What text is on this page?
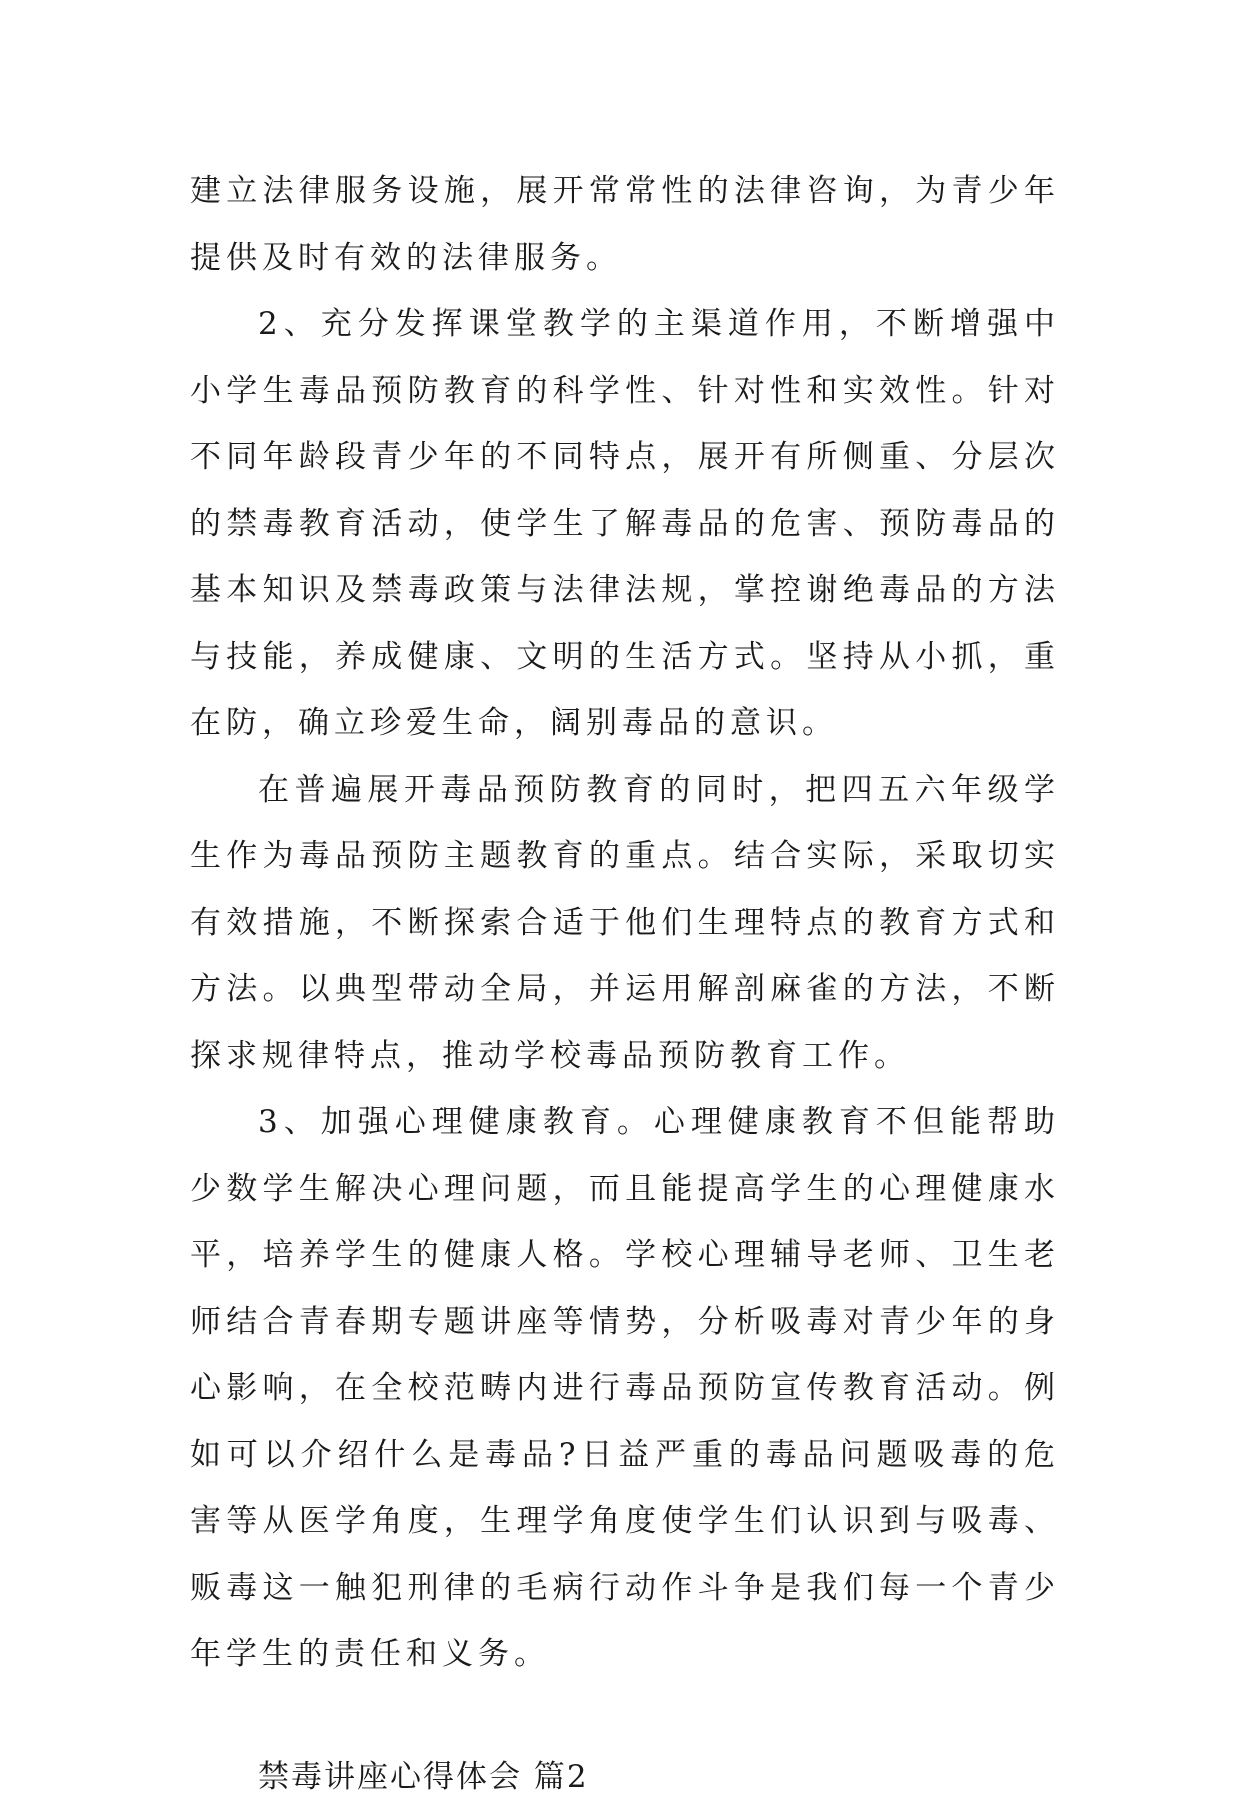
建立法律服务设施，展开常常性的法律咨询，为青少年提供及时有效的法律服务。

2、充分发挥课堂教学的主渠道作用，不断增强中小学生毒品预防教育的科学性、针对性和实效性。针对不同年龄段青少年的不同特点，展开有所侧重、分层次的禁毒教育活动，使学生了解毒品的危害、预防毒品的基本知识及禁毒政策与法律法规，掌控谢绝毒品的方法与技能，养成健康、文明的生活方式。坚持从小抓，重在防，确立珍爱生命，阔别毒品的意识。

在普遍展开毒品预防教育的同时，把四五六年级学生作为毒品预防主题教育的重点。结合实际，采取切实有效措施，不断探索合适于他们生理特点的教育方式和方法。以典型带动全局，并运用解剖麻雀的方法，不断探求规律特点，推动学校毒品预防教育工作。

3、加强心理健康教育。心理健康教育不但能帮助少数学生解决心理问题，而且能提高学生的心理健康水平，培养学生的健康人格。学校心理辅导老师、卫生老师结合青春期专题讲座等情势，分析吸毒对青少年的身心影响，在全校范畴内进行毒品预防宣传教育活动。例如可以介绍什么是毒品?日益严重的毒品问题吸毒的危害等从医学角度，生理学角度使学生们认识到与吸毒、贩毒这一触犯刑律的毛病行动作斗争是我们每一个青少年学生的责任和义务。

禁毒讲座心得体会 篇2
